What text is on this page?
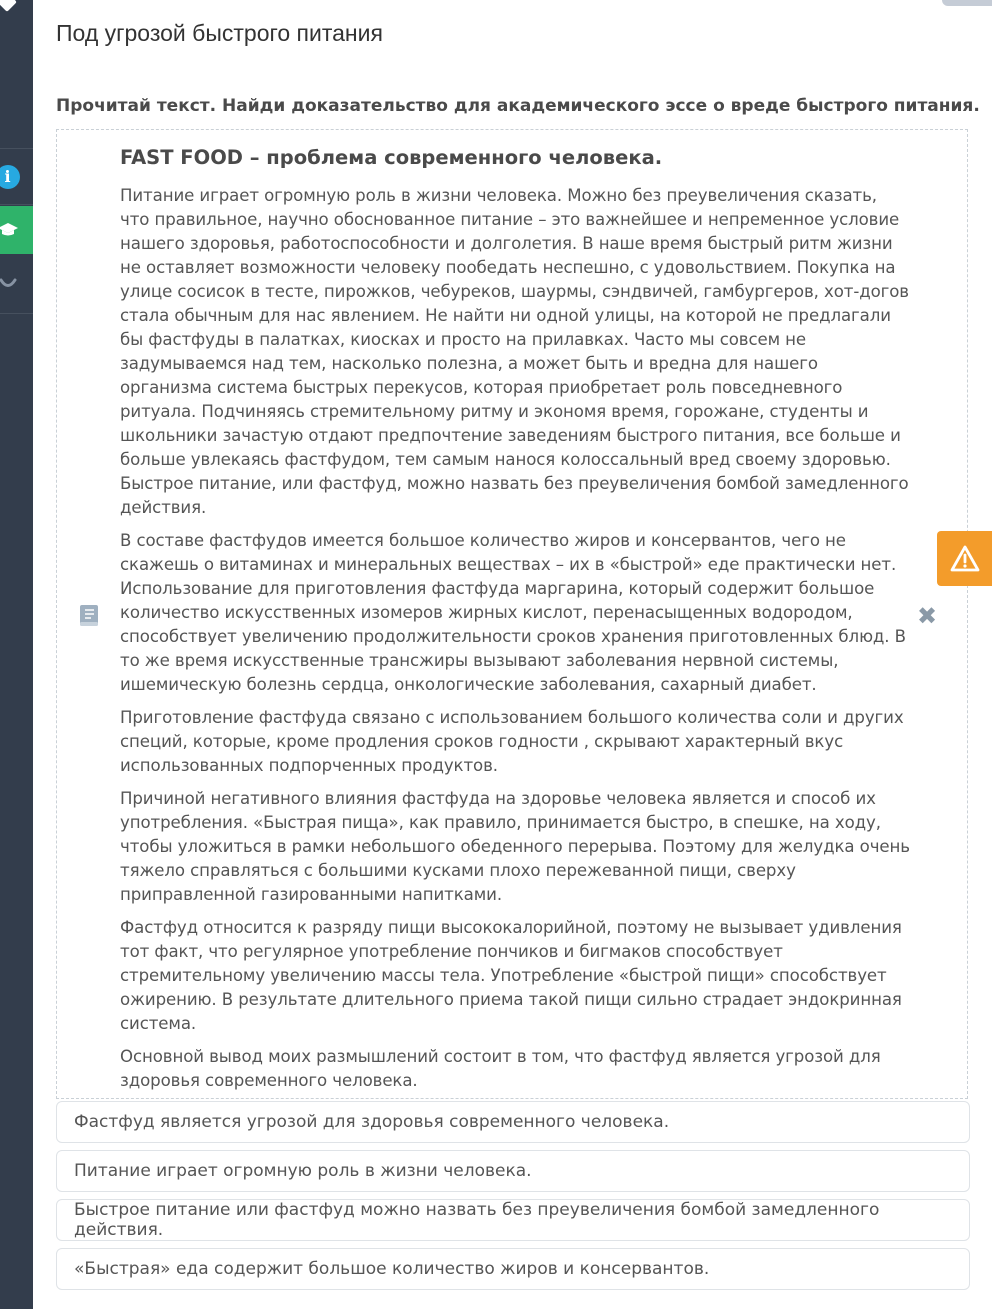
i
Под угрозой быстрого питания
Прочитай текст. Найди доказательство для академического эссе о вреде быстрого питания.
✖
FAST FOOD – проблема современного человека.

Питание играет огромную роль в жизни человека. Можно без преувеличения сказать, что правильное, научно обоснованное питание – это важнейшее и непременное условие нашего здоровья, работоспособности и долголетия. В наше время быстрый ритм жизни не оставляет возможности человеку пообедать неспешно, с удовольствием. Покупка на улице сосисок в тесте, пирожков, чебуреков, шаурмы, сэндвичей, гамбургеров, хот-догов стала обычным для нас явлением. Не найти ни одной улицы, на которой не предлагали бы фастфуды в палатках, киосках и просто на прилавках. Часто мы совсем не задумываемся над тем, насколько полезна, а может быть и вредна для нашего организма система быстрых перекусов, которая приобретает роль повседневного ритуала. Подчиняясь стремительному ритму и экономя время, горожане, студенты и школьники зачастую отдают предпочтение заведениям быстрого питания, все больше и больше увлекаясь фастфудом, тем самым нанося колоссальный вред своему здоровью. Быстрое питание, или фастфуд, можно назвать без преувеличения бомбой замедленного действия.

В составе фастфудов имеется большое количество жиров и консервантов, чего не скажешь о витаминах и минеральных веществах – их в «быстрой» еде практически нет. Использование для приготовления фастфуда маргарина, который содержит большое количество искусственных изомеров жирных кислот, перенасыщенных водородом, способствует увеличению продолжительности сроков хранения приготовленных блюд. В то же время искусственные трансжиры вызывают заболевания нервной системы, ишемическую болезнь сердца, онкологические заболевания, сахарный диабет.

Приготовление фастфуда связано с использованием большого количества соли и других специй, которые, кроме продления сроков годности , скрывают характерный вкус использованных подпорченных продуктов.

Причиной негативного влияния фастфуда на здоровье человека является и способ их употребления. «Быстрая пища», как правило, принимается быстро, в спешке, на ходу, чтобы уложиться в рамки небольшого обеденного перерыва. Поэтому для желудка очень тяжело справляться с большими кусками плохо пережеванной пищи, сверху приправленной газированными напитками.

Фастфуд относится к разряду пищи высококалорийной, поэтому не вызывает удивления тот факт, что регулярное употребление пончиков и бигмаков способствует стремительному увеличению массы тела. Употребление «быстрой пищи» способствует ожирению. В результате длительного приема такой пищи сильно страдает эндокринная система.

Основной вывод моих размышлений состоит в том, что фастфуд является угрозой для здоровья современного человека.

Фастфуд является угрозой для здоровья современного человека.
Питание играет огромную роль в жизни человека.
Быстрое питание или фастфуд можно назвать без преувеличения бомбой замедленного действия.
«Быстрая» еда содержит большое количество жиров и консервантов.
